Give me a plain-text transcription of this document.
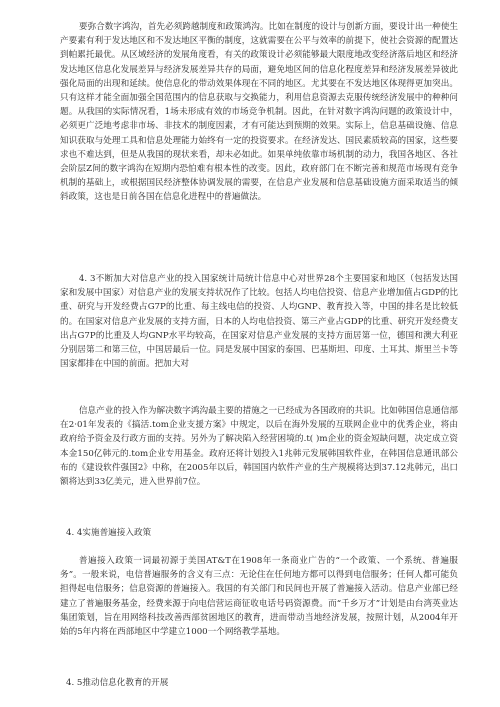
要弥合数字鸿沟，首先必须跨越制度和政策鸿沟。比如在制度的设计与创新方面，要设计出一种使生产要素有利于发达地区和不发达地区平衡的制度，这就需要在公平与效率的前提下，使社会资源的配置达到帕累托最优。从区域经济的发展角度看，有关的政策设计必须能够最大限度地改变经济落后地区和经济发达地区信息化发展差异与经济发展差异共存的局面，避免地区间的信息化程度差异和经济发展差异彼此强化局面的出现和延续。使信息化的带动效果体现在不同的地区。尤其要在不发达地区体现得更加突出。只有这样才能全面加强全国范围内的信息获取与交换能力，利用信息资源去克服传统经济发展中的种种问题。从我国的实际情况看，1场未形成有效的市场竞争机制。因此，在针对数字鸿沟问题的政策设计中，必须更广泛地考虑非市场、非技术的制度因素，才有可能达到预期的效果。实际上，信息基础设施、信息知识获取与处理工具和信息处理能力始终有一定的投资要求。在经济发达、国民素质较高的国家，这些要求也不难达到，但是从我国的现状来看，却未必如此。如果单纯依靠市场机制的动力，我国各地区、各社会阶层Z间的数字鸿沟在短期内恐怕难有根本性的改变。因此，政府部门在不断完善和规范市场现有竞争机制的基础上，或根据国民经济整体协调发展的需要，在信息产业发展和信息基础设施方面采取适当的倾斜政策，这也是日前各国在信息化进程中的普遍做法。

4. 3不断加大对信息产业的投入国家统计局统计信息中心对世界28个主要国家和地区（包括发达国家和发展中国家）对信息产业的发展支持状况作了比较。包括人均电信投资、信息产业增加值占GDP的比重、研究与开发经费占G7P的比重、每主线电信的投资、人均GNP、教育投入等，中国的排名是比较低的。在国家对信息产业发展的支持方面，日本的人均电信投资、第三产业占GDP的比重、研究开发经费支出占G7P的比重及人均GNP水平均较高，在国家对信息产业发展的支持方面居第一位，德国和澳大利亚分别居第二和第三位，中国居最后一位。同是发展中国家的泰国、巴基斯坦、印度、土耳其、斯里兰卡等国家都排在中国的前面。把加大对

信息产业的投入作为解决数字鸿沟最主要的措施之一已经成为各国政府的共识。比如韩国信息通信部在2·01年发表的《搞活.tom企业支援方案》中规定，以后在海外发展的互联网企业中的优秀企业，将由政府给予资金及行政方面的支持。另外为了解决陷入经营困境的.t( )m企业的资金短缺问题，决定成立资本金150亿韩元的.tom企业专用基金。政府还将计划投入1兆韩元发展韩国软件业，在韩国信息通讯部公布的《建设软件强国2》中称，在2005年以后，韩国国内软件产业的生产规模将达到37.12兆韩元，出口额将达到33亿美元，进入世界前7位。

4. 4实施普遍接入政策

普遍接入政策一词最初源于美国AT&T在1908年一条商业广告的“一个政策、一个系统、普遍服务”。一般来说，电信普遍服务的含义有三点：无论住在任何地方都可以得到电信服务；任何人都可能负担得起电信服务；信息资源的普遍接入。我国的有关部门和民间也开展了普遍接入活动。信息产业部已经建立了普遍服务基金，经费来源于向电信营运商征收电话号码资源费。而“千乡万才”计划是由台湾英业达集团策划，旨在用网络科技改善西部贫困地区的教育，进而带动当地经济发展，按照计划，从2004年开始的5年内将在西部地区中学建立1000一个网络教学基地。

4. 5推动信息化教育的开展
